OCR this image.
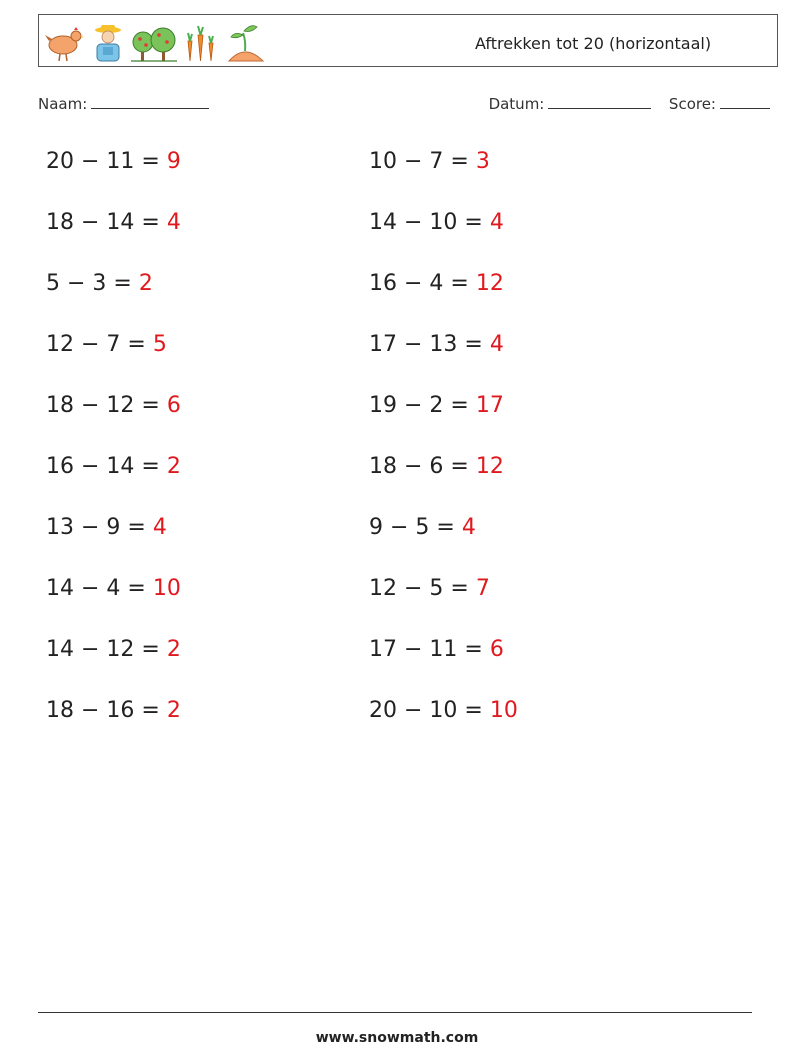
Aftrekken tot 20 (horizontaal)
Naam:	Datum:	Score:
20 − 11 = 9	10 − 7 = 3
18 − 14 = 4	14 − 10 = 4
5 − 3 = 2	16 − 4 = 12
12 − 7 = 5	17 − 13 = 4
18 − 12 = 6	19 − 2 = 17
16 − 14 = 2	18 − 6 = 12
13 − 9 = 4	9 − 5 = 4
14 − 4 = 10	12 − 5 = 7
14 − 12 = 2	17 − 11 = 6
18 − 16 = 2	20 − 10 = 10
www.snowmath.com
